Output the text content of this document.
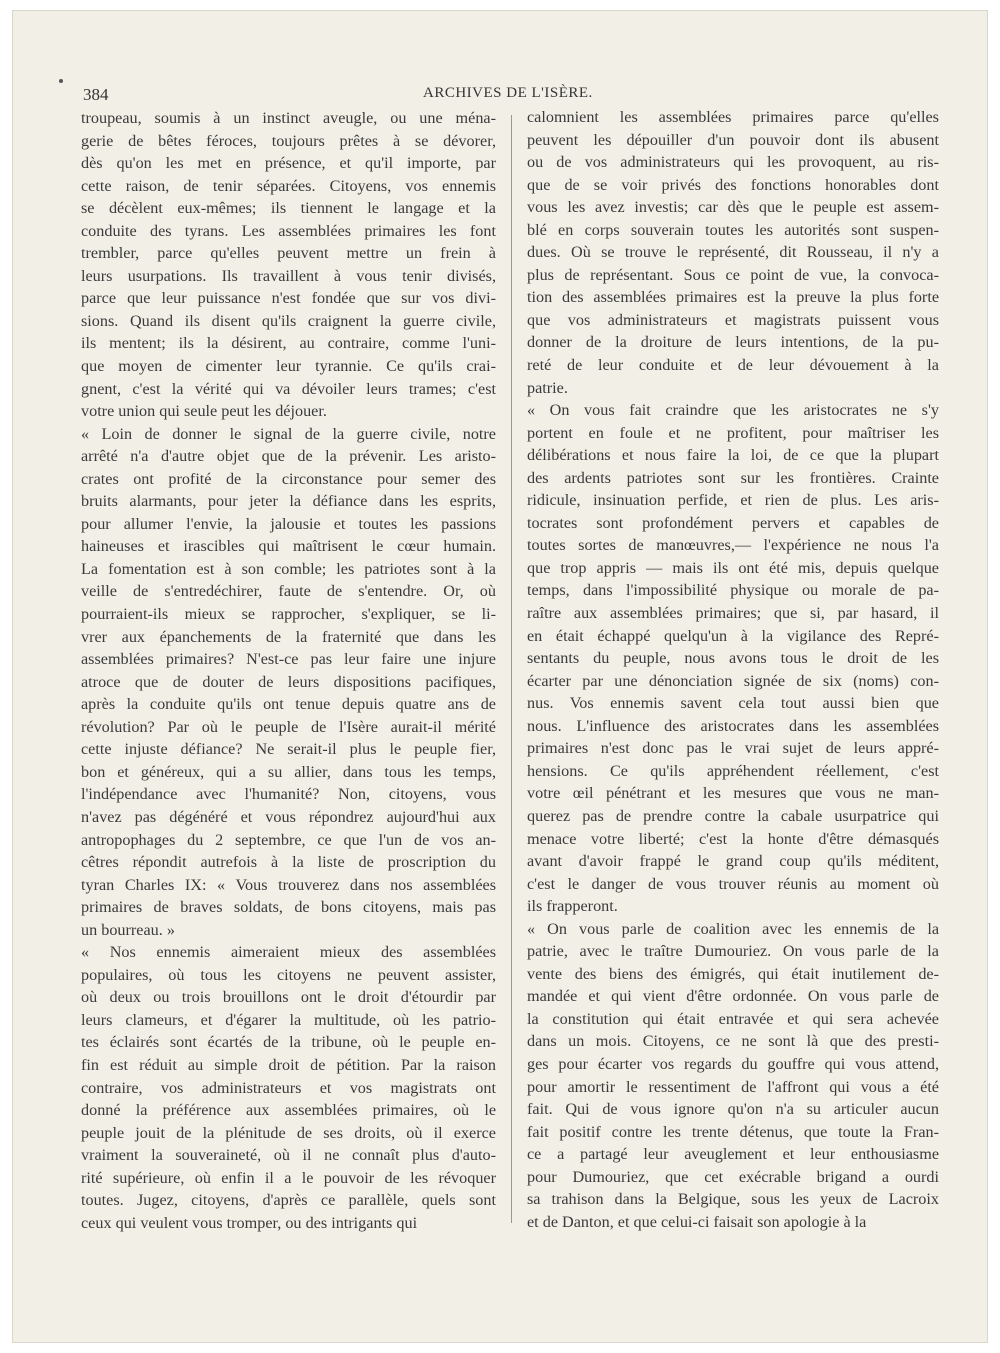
384	ARCHIVES DE L'ISÈRE.
troupeau, soumis à un instinct aveugle, ou une ména-
gerie de bêtes féroces, toujours prêtes à se dévorer,
dès qu'on les met en présence, et qu'il importe, par
cette raison, de tenir séparées. Citoyens, vos ennemis
se décèlent eux-mêmes; ils tiennent le langage et la
conduite des tyrans. Les assemblées primaires les font
trembler, parce qu'elles peuvent mettre un frein à
leurs usurpations. Ils travaillent à vous tenir divisés,
parce que leur puissance n'est fondée que sur vos divi-
sions. Quand ils disent qu'ils craignent la guerre civile,
ils mentent; ils la désirent, au contraire, comme l'uni-
que moyen de cimenter leur tyrannie. Ce qu'ils crai-
gnent, c'est la vérité qui va dévoiler leurs trames; c'est
votre union qui seule peut les déjouer.
« Loin de donner le signal de la guerre civile, notre
arrêté n'a d'autre objet que de la prévenir. Les aristo-
crates ont profité de la circonstance pour semer des
bruits alarmants, pour jeter la défiance dans les esprits,
pour allumer l'envie, la jalousie et toutes les passions
haineuses et irascibles qui maîtrisent le cœur humain.
La fomentation est à son comble; les patriotes sont à la
veille de s'entredéchirer, faute de s'entendre. Or, où
pourraient-ils mieux se rapprocher, s'expliquer, se li-
vrer aux épanchements de la fraternité que dans les
assemblées primaires? N'est-ce pas leur faire une injure
atroce que de douter de leurs dispositions pacifiques,
après la conduite qu'ils ont tenue depuis quatre ans de
révolution? Par où le peuple de l'Isère aurait-il mérité
cette injuste défiance? Ne serait-il plus le peuple fier,
bon et généreux, qui a su allier, dans tous les temps,
l'indépendance avec l'humanité? Non, citoyens, vous
n'avez pas dégénéré et vous répondrez aujourd'hui aux
antropophages du 2 septembre, ce que l'un de vos an-
cêtres répondit autrefois à la liste de proscription du
tyran Charles IX: « Vous trouverez dans nos assemblées
primaires de braves soldats, de bons citoyens, mais pas
un bourreau. »
« Nos ennemis aimeraient mieux des assemblées
populaires, où tous les citoyens ne peuvent assister,
où deux ou trois brouillons ont le droit d'étourdir par
leurs clameurs, et d'égarer la multitude, où les patrio-
tes éclairés sont écartés de la tribune, où le peuple en-
fin est réduit au simple droit de pétition. Par la raison
contraire, vos administrateurs et vos magistrats ont
donné la préférence aux assemblées primaires, où le
peuple jouit de la plénitude de ses droits, où il exerce
vraiment la souveraineté, où il ne connaît plus d'auto-
rité supérieure, où enfin il a le pouvoir de les révoquer
toutes. Jugez, citoyens, d'après ce parallèle, quels sont
ceux qui veulent vous tromper, ou des intrigants qui
calomnient les assemblées primaires parce qu'elles
peuvent les dépouiller d'un pouvoir dont ils abusent
ou de vos administrateurs qui les provoquent, au ris-
que de se voir privés des fonctions honorables dont
vous les avez investis; car dès que le peuple est assem-
blé en corps souverain toutes les autorités sont suspen-
dues. Où se trouve le représenté, dit Rousseau, il n'y a
plus de représentant. Sous ce point de vue, la convoca-
tion des assemblées primaires est la preuve la plus forte
que vos administrateurs et magistrats puissent vous
donner de la droiture de leurs intentions, de la pu-
reté de leur conduite et de leur dévouement à la
patrie.
« On vous fait craindre que les aristocrates ne s'y
portent en foule et ne profitent, pour maîtriser les
délibérations et nous faire la loi, de ce que la plupart
des ardents patriotes sont sur les frontières. Crainte
ridicule, insinuation perfide, et rien de plus. Les aris-
tocrates sont profondément pervers et capables de
toutes sortes de manœuvres,— l'expérience ne nous l'a
que trop appris — mais ils ont été mis, depuis quelque
temps, dans l'impossibilité physique ou morale de pa-
raître aux assemblées primaires; que si, par hasard, il
en était échappé quelqu'un à la vigilance des Repré-
sentants du peuple, nous avons tous le droit de les
écarter par une dénonciation signée de six (noms) con-
nus. Vos ennemis savent cela tout aussi bien que
nous. L'influence des aristocrates dans les assemblées
primaires n'est donc pas le vrai sujet de leurs appré-
hensions. Ce qu'ils appréhendent réellement, c'est
votre œil pénétrant et les mesures que vous ne man-
querez pas de prendre contre la cabale usurpatrice qui
menace votre liberté; c'est la honte d'être démasqués
avant d'avoir frappé le grand coup qu'ils méditent,
c'est le danger de vous trouver réunis au moment où
ils frapperont.
« On vous parle de coalition avec les ennemis de la
patrie, avec le traître Dumouriez. On vous parle de la
vente des biens des émigrés, qui était inutilement de-
mandée et qui vient d'être ordonnée. On vous parle de
la constitution qui était entravée et qui sera achevée
dans un mois. Citoyens, ce ne sont là que des presti-
ges pour écarter vos regards du gouffre qui vous attend,
pour amortir le ressentiment de l'affront qui vous a été
fait. Qui de vous ignore qu'on n'a su articuler aucun
fait positif contre les trente détenus, que toute la Fran-
ce a partagé leur aveuglement et leur enthousiasme
pour Dumouriez, que cet exécrable brigand a ourdi
sa trahison dans la Belgique, sous les yeux de Lacroix
et de Danton, et que celui-ci faisait son apologie à la
